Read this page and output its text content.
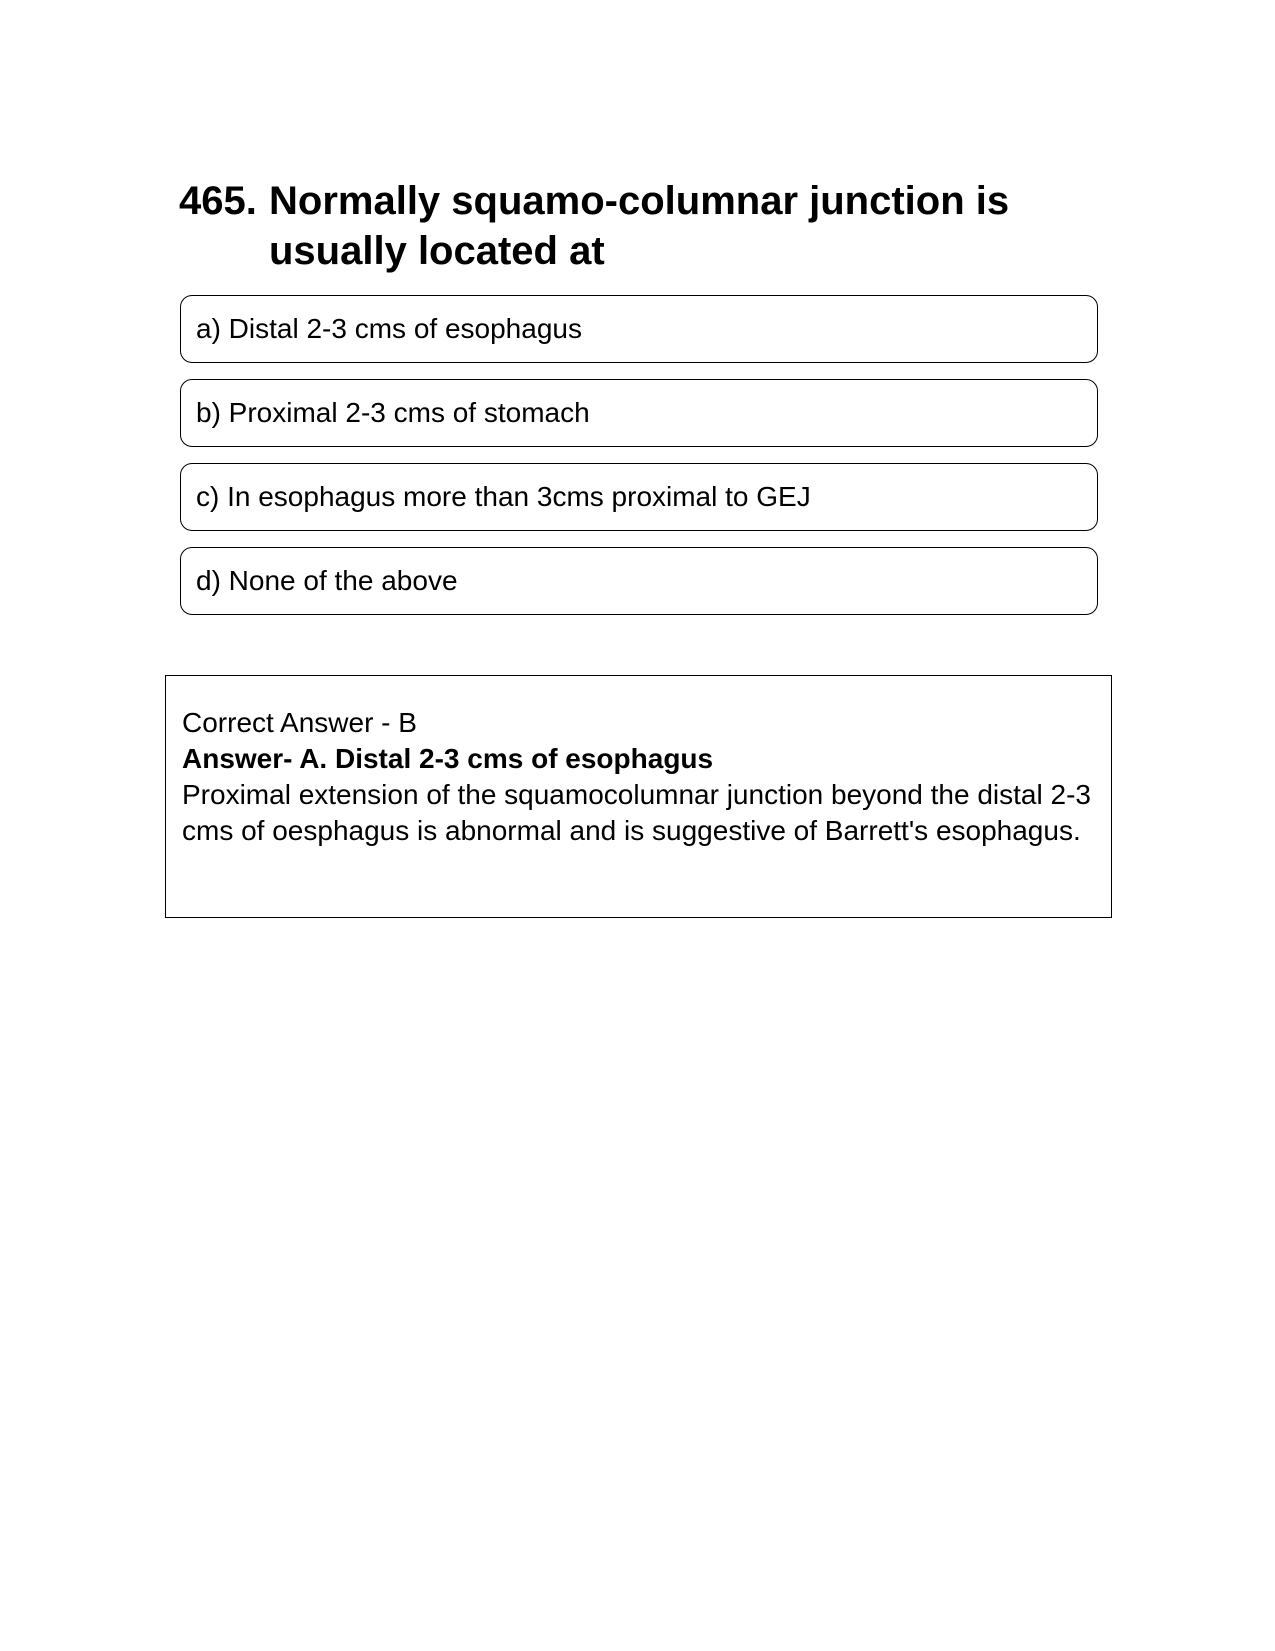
465. Normally squamo-columnar junction is usually located at
a) Distal 2-3 cms of esophagus
b) Proximal 2-3 cms of stomach
c) In esophagus more than 3cms proximal to GEJ
d) None of the above

Correct Answer - B

Answer- A. Distal 2-3 cms of esophagus

Proximal extension of the squamocolumnar junction beyond the distal 2-3 cms of oesphagus is abnormal and is suggestive of Barrett's esophagus.
